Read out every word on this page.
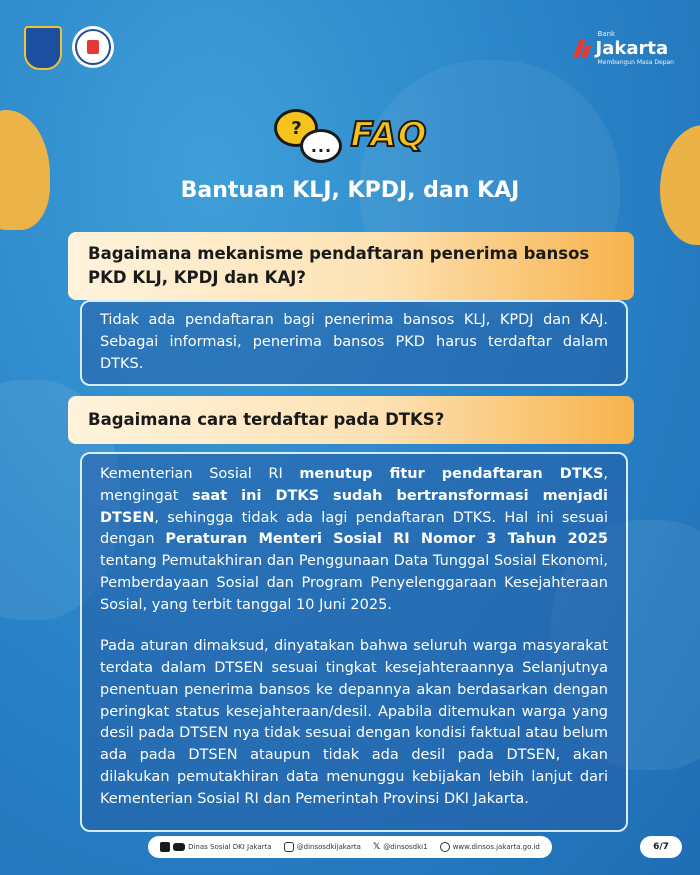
Bank
Jakarta
Membangun Masa Depan
?
... FAQ
Bantuan KLJ, KPDJ, dan KAJ

Tidak ada pendaftaran bagi penerima bansos KLJ, KPDJ dan KAJ. Sebagai informasi, penerima bansos PKD harus terdaftar dalam DTKS.

Bagaimana mekanisme pendaftaran penerima bansos PKD KLJ, KPDJ dan KAJ?

Kementerian Sosial RI menutup fitur pendaftaran DTKS, mengingat saat ini DTKS sudah bertransformasi menjadi DTSEN, sehingga tidak ada lagi pendaftaran DTKS. Hal ini sesuai dengan Peraturan Menteri Sosial RI Nomor 3 Tahun 2025 tentang Pemutakhiran dan Penggunaan Data Tunggal Sosial Ekonomi, Pemberdayaan Sosial dan Program Penyelenggaraan Kesejahteraan Sosial, yang terbit tanggal 10 Juni 2025.

Pada aturan dimaksud, dinyatakan bahwa seluruh warga masyarakat terdata dalam DTSEN sesuai tingkat kesejahteraannya Selanjutnya penentuan penerima bansos ke depannya akan berdasarkan dengan peringkat status kesejahteraan/desil. Apabila ditemukan warga yang desil pada DTSEN nya tidak sesuai dengan kondisi faktual atau belum ada pada DTSEN ataupun tidak ada desil pada DTSEN, akan dilakukan pemutakhiran data menunggu kebijakan lebih lanjut dari Kementerian Sosial RI dan Pemerintah Provinsi DKI Jakarta.

Bagaimana cara terdaftar pada DTKS?
Dinas Sosial DKI Jakarta	@dinsosdkijakarta 𝕏 @dinsosdki1	www.dinsos.jakarta.go.id	6/7
